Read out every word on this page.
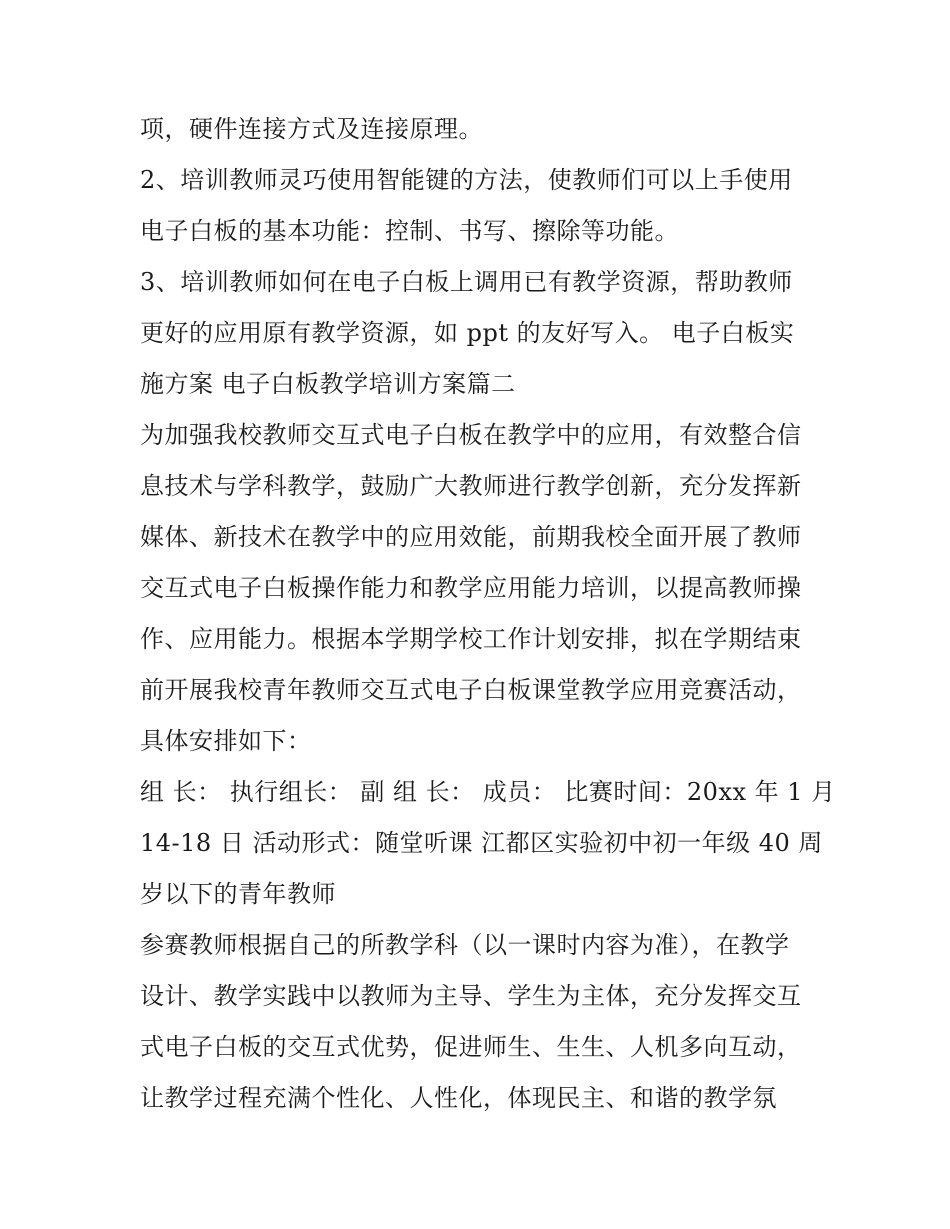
项，硬件连接方式及连接原理。
2、培训教师灵巧使用智能键的方法，使教师们可以上手使用
电子白板的基本功能：控制、书写、擦除等功能。
3、培训教师如何在电子白板上调用已有教学资源，帮助教师
更好的应用原有教学资源，如 ppt 的友好写入。 电子白板实
施方案 电子白板教学培训方案篇二
为加强我校教师交互式电子白板在教学中的应用，有效整合信
息技术与学科教学，鼓励广大教师进行教学创新，充分发挥新
媒体、新技术在教学中的应用效能，前期我校全面开展了教师
交互式电子白板操作能力和教学应用能力培训，以提高教师操
作、应用能力。根据本学期学校工作计划安排，拟在学期结束
前开展我校青年教师交互式电子白板课堂教学应用竞赛活动，
具体安排如下：
组 长： 执行组长： 副 组 长： 成员： 比赛时间：20xx 年 1 月
14-18 日 活动形式：随堂听课 江都区实验初中初一年级 40 周
岁以下的青年教师
参赛教师根据自己的所教学科（以一课时内容为准），在教学
设计、教学实践中以教师为主导、学生为主体，充分发挥交互
式电子白板的交互式优势，促进师生、生生、人机多向互动，
让教学过程充满个性化、人性化，体现民主、和谐的教学氛
